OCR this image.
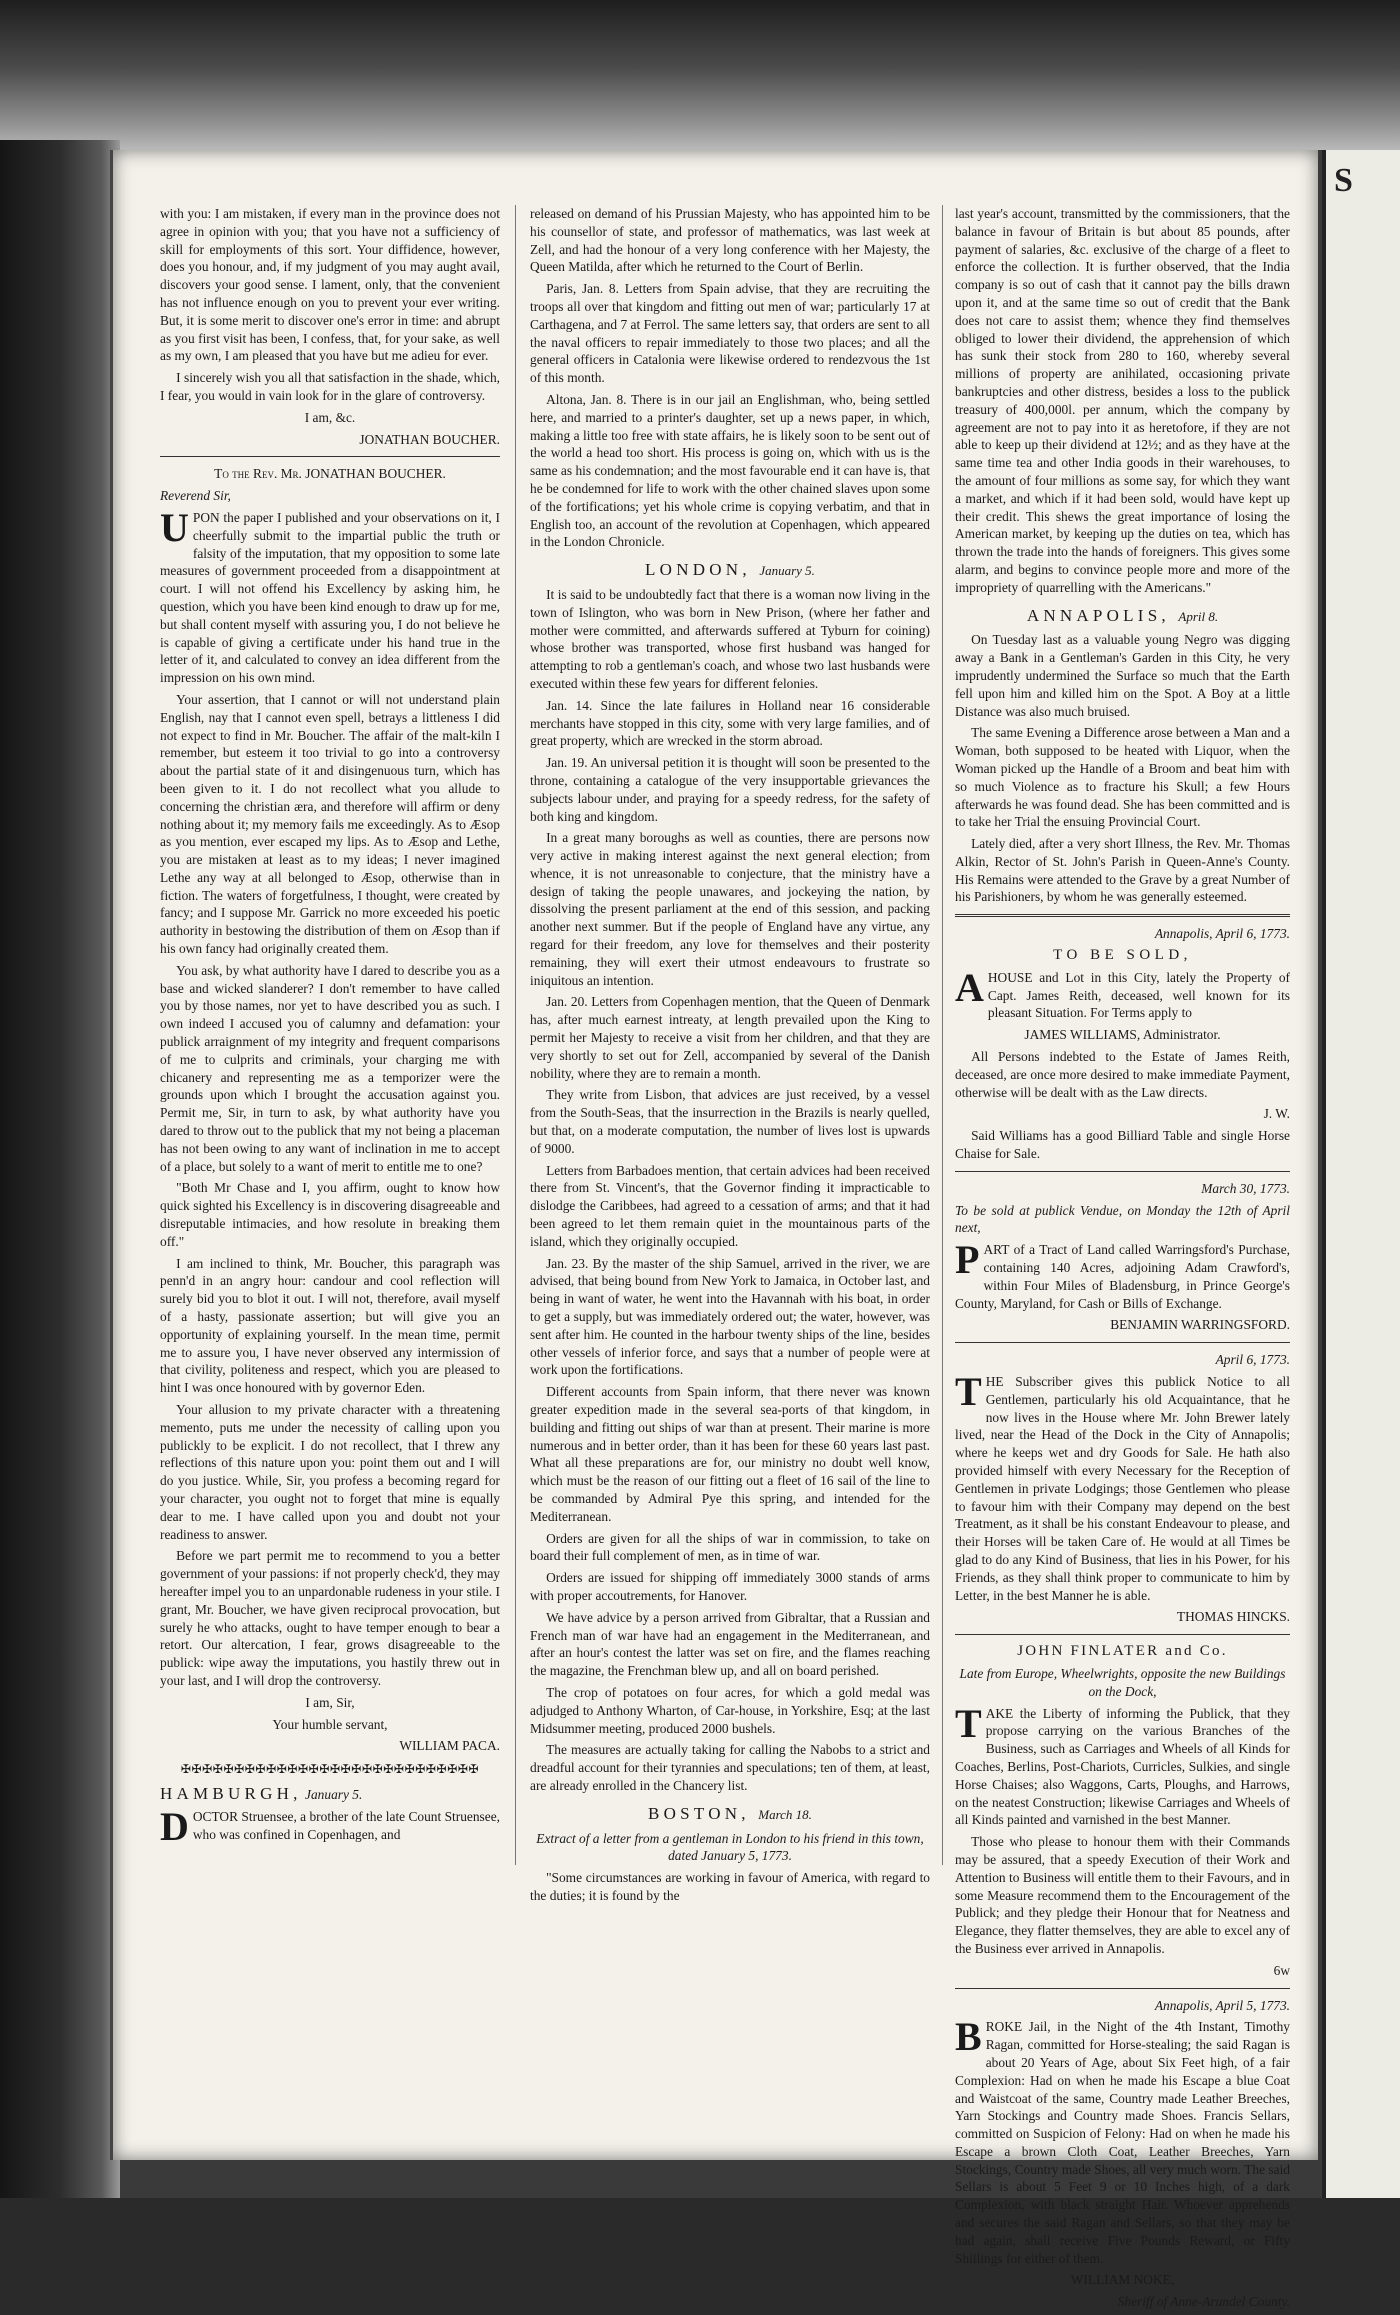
S

with you: I am mistaken, if every man in the province does not agree in opinion with you; that you have not a sufficiency of skill for employments of this sort. Your diffidence, however, does you honour, and, if my judgment of you may aught avail, discovers your good sense. I lament, only, that the convenient has not influence enough on you to prevent your ever writing. But, it is some merit to discover one's error in time: and abrupt as you first visit has been, I confess, that, for your sake, as well as my own, I am pleased that you have but me adieu for ever.

I sincerely wish you all that satisfaction in the shade, which, I fear, you would in vain look for in the glare of controversy.

I am, &c.

JONATHAN BOUCHER.

To the Rev. Mr. JONATHAN BOUCHER.

Reverend Sir,

UPON the paper I published and your observations on it, I cheerfully submit to the impartial public the truth or falsity of the imputation, that my opposition to some late measures of government proceeded from a disappointment at court. I will not offend his Excellency by asking him, he question, which you have been kind enough to draw up for me, but shall content myself with assuring you, I do not believe he is capable of giving a certificate under his hand true in the letter of it, and calculated to convey an idea different from the impression on his own mind.

Your assertion, that I cannot or will not understand plain English, nay that I cannot even spell, betrays a littleness I did not expect to find in Mr. Boucher. The affair of the malt-kiln I remember, but esteem it too trivial to go into a controversy about the partial state of it and disingenuous turn, which has been given to it. I do not recollect what you allude to concerning the christian æra, and therefore will affirm or deny nothing about it; my memory fails me exceedingly. As to Æsop as you mention, ever escaped my lips. As to Æsop and Lethe, you are mistaken at least as to my ideas; I never imagined Lethe any way at all belonged to Æsop, otherwise than in fiction. The waters of forgetfulness, I thought, were created by fancy; and I suppose Mr. Garrick no more exceeded his poetic authority in bestowing the distribution of them on Æsop than if his own fancy had originally created them.

You ask, by what authority have I dared to describe you as a base and wicked slanderer? I don't remember to have called you by those names, nor yet to have described you as such. I own indeed I accused you of calumny and defamation: your publick arraignment of my integrity and frequent comparisons of me to culprits and criminals, your charging me with chicanery and representing me as a temporizer were the grounds upon which I brought the accusation against you. Permit me, Sir, in turn to ask, by what authority have you dared to throw out to the publick that my not being a placeman has not been owing to any want of inclination in me to accept of a place, but solely to a want of merit to entitle me to one?

"Both Mr Chase and I, you affirm, ought to know how quick sighted his Excellency is in discovering disagreeable and disreputable intimacies, and how resolute in breaking them off."

I am inclined to think, Mr. Boucher, this paragraph was penn'd in an angry hour: candour and cool reflection will surely bid you to blot it out. I will not, therefore, avail myself of a hasty, passionate assertion; but will give you an opportunity of explaining yourself. In the mean time, permit me to assure you, I have never observed any intermission of that civility, politeness and respect, which you are pleased to hint I was once honoured with by governor Eden.

Your allusion to my private character with a threatening memento, puts me under the necessity of calling upon you publickly to be explicit. I do not recollect, that I threw any reflections of this nature upon you: point them out and I will do you justice. While, Sir, you profess a becoming regard for your character, you ought not to forget that mine is equally dear to me. I have called upon you and doubt not your readiness to answer.

Before we part permit me to recommend to you a better government of your passions: if not properly check'd, they may hereafter impel you to an unpardonable rudeness in your stile. I grant, Mr. Boucher, we have given reciprocal provocation, but surely he who attacks, ought to have temper enough to bear a retort. Our altercation, I fear, grows disagreeable to the publick: wipe away the imputations, you hastily threw out in your last, and I will drop the controversy.

I am, Sir,

Your humble servant,

WILLIAM PACA.

✠✠✠✠✠✠✠✠✠✠✠✠✠✠✠✠✠✠✠✠✠✠✠✠✠✠✠✠

HAMBURGH, January 5.

DOCTOR Struensee, a brother of the late Count Struensee, who was confined in Copenhagen, and

released on demand of his Prussian Majesty, who has appointed him to be his counsellor of state, and professor of mathematics, was last week at Zell, and had the honour of a very long conference with her Majesty, the Queen Matilda, after which he returned to the Court of Berlin.

Paris, Jan. 8. Letters from Spain advise, that they are recruiting the troops all over that kingdom and fitting out men of war; particularly 17 at Carthagena, and 7 at Ferrol. The same letters say, that orders are sent to all the naval officers to repair immediately to those two places; and all the general officers in Catalonia were likewise ordered to rendezvous the 1st of this month.

Altona, Jan. 8. There is in our jail an Englishman, who, being settled here, and married to a printer's daughter, set up a news paper, in which, making a little too free with state affairs, he is likely soon to be sent out of the world a head too short. His process is going on, which with us is the same as his condemnation; and the most favourable end it can have is, that he be condemned for life to work with the other chained slaves upon some of the fortifications; yet his whole crime is copying verbatim, and that in English too, an account of the revolution at Copenhagen, which appeared in the London Chronicle.

LONDON, January 5.

It is said to be undoubtedly fact that there is a woman now living in the town of Islington, who was born in New Prison, (where her father and mother were committed, and afterwards suffered at Tyburn for coining) whose brother was transported, whose first husband was hanged for attempting to rob a gentleman's coach, and whose two last husbands were executed within these few years for different felonies.

Jan. 14. Since the late failures in Holland near 16 considerable merchants have stopped in this city, some with very large families, and of great property, which are wrecked in the storm abroad.

Jan. 19. An universal petition it is thought will soon be presented to the throne, containing a catalogue of the very insupportable grievances the subjects labour under, and praying for a speedy redress, for the safety of both king and kingdom.

In a great many boroughs as well as counties, there are persons now very active in making interest against the next general election; from whence, it is not unreasonable to conjecture, that the ministry have a design of taking the people unawares, and jockeying the nation, by dissolving the present parliament at the end of this session, and packing another next summer. But if the people of England have any virtue, any regard for their freedom, any love for themselves and their posterity remaining, they will exert their utmost endeavours to frustrate so iniquitous an intention.

Jan. 20. Letters from Copenhagen mention, that the Queen of Denmark has, after much earnest intreaty, at length prevailed upon the King to permit her Majesty to receive a visit from her children, and that they are very shortly to set out for Zell, accompanied by several of the Danish nobility, where they are to remain a month.

They write from Lisbon, that advices are just received, by a vessel from the South-Seas, that the insurrection in the Brazils is nearly quelled, but that, on a moderate computation, the number of lives lost is upwards of 9000.

Letters from Barbadoes mention, that certain advices had been received there from St. Vincent's, that the Governor finding it impracticable to dislodge the Caribbees, had agreed to a cessation of arms; and that it had been agreed to let them remain quiet in the mountainous parts of the island, which they originally occupied.

Jan. 23. By the master of the ship Samuel, arrived in the river, we are advised, that being bound from New York to Jamaica, in October last, and being in want of water, he went into the Havannah with his boat, in order to get a supply, but was immediately ordered out; the water, however, was sent after him. He counted in the harbour twenty ships of the line, besides other vessels of inferior force, and says that a number of people were at work upon the fortifications.

Different accounts from Spain inform, that there never was known greater expedition made in the several sea-ports of that kingdom, in building and fitting out ships of war than at present. Their marine is more numerous and in better order, than it has been for these 60 years last past. What all these preparations are for, our ministry no doubt well know, which must be the reason of our fitting out a fleet of 16 sail of the line to be commanded by Admiral Pye this spring, and intended for the Mediterranean.

Orders are given for all the ships of war in commission, to take on board their full complement of men, as in time of war.

Orders are issued for shipping off immediately 3000 stands of arms with proper accoutrements, for Hanover.

We have advice by a person arrived from Gibraltar, that a Russian and French man of war have had an engagement in the Mediterranean, and after an hour's contest the latter was set on fire, and the flames reaching the magazine, the Frenchman blew up, and all on board perished.

The crop of potatoes on four acres, for which a gold medal was adjudged to Anthony Wharton, of Car-house, in Yorkshire, Esq; at the last Midsummer meeting, produced 2000 bushels.

The measures are actually taking for calling the Nabobs to a strict and dreadful account for their tyrannies and speculations; ten of them, at least, are already enrolled in the Chancery list.

BOSTON, March 18.

Extract of a letter from a gentleman in London to his friend in this town, dated January 5, 1773.

"Some circumstances are working in favour of America, with regard to the duties; it is found by the

last year's account, transmitted by the commissioners, that the balance in favour of Britain is but about 85 pounds, after payment of salaries, &c. exclusive of the charge of a fleet to enforce the collection. It is further observed, that the India company is so out of cash that it cannot pay the bills drawn upon it, and at the same time so out of credit that the Bank does not care to assist them; whence they find themselves obliged to lower their dividend, the apprehension of which has sunk their stock from 280 to 160, whereby several millions of property are anihilated, occasioning private bankruptcies and other distress, besides a loss to the publick treasury of 400,000l. per annum, which the company by agreement are not to pay into it as heretofore, if they are not able to keep up their dividend at 12½; and as they have at the same time tea and other India goods in their warehouses, to the amount of four millions as some say, for which they want a market, and which if it had been sold, would have kept up their credit. This shews the great importance of losing the American market, by keeping up the duties on tea, which has thrown the trade into the hands of foreigners. This gives some alarm, and begins to convince people more and more of the impropriety of quarrelling with the Americans."

ANNAPOLIS, April 8.

On Tuesday last as a valuable young Negro was digging away a Bank in a Gentleman's Garden in this City, he very imprudently undermined the Surface so much that the Earth fell upon him and killed him on the Spot. A Boy at a little Distance was also much bruised.

The same Evening a Difference arose between a Man and a Woman, both supposed to be heated with Liquor, when the Woman picked up the Handle of a Broom and beat him with so much Violence as to fracture his Skull; a few Hours afterwards he was found dead. She has been committed and is to take her Trial the ensuing Provincial Court.

Lately died, after a very short Illness, the Rev. Mr. Thomas Alkin, Rector of St. John's Parish in Queen-Anne's County. His Remains were attended to the Grave by a great Number of his Parishioners, by whom he was generally esteemed.

Annapolis, April 6, 1773.

TO BE SOLD,

AHOUSE and Lot in this City, lately the Property of Capt. James Reith, deceased, well known for its pleasant Situation. For Terms apply to

JAMES WILLIAMS, Administrator.

All Persons indebted to the Estate of James Reith, deceased, are once more desired to make immediate Payment, otherwise will be dealt with as the Law directs.

J. W.

Said Williams has a good Billiard Table and single Horse Chaise for Sale.

March 30, 1773.

To be sold at publick Vendue, on Monday the 12th of April next,

PART of a Tract of Land called Warringsford's Purchase, containing 140 Acres, adjoining Adam Crawford's, within Four Miles of Bladensburg, in Prince George's County, Maryland, for Cash or Bills of Exchange.

BENJAMIN WARRINGSFORD.

April 6, 1773.

THE Subscriber gives this publick Notice to all Gentlemen, particularly his old Acquaintance, that he now lives in the House where Mr. John Brewer lately lived, near the Head of the Dock in the City of Annapolis; where he keeps wet and dry Goods for Sale. He hath also provided himself with every Necessary for the Reception of Gentlemen in private Lodgings; those Gentlemen who please to favour him with their Company may depend on the best Treatment, as it shall be his constant Endeavour to please, and their Horses will be taken Care of. He would at all Times be glad to do any Kind of Business, that lies in his Power, for his Friends, as they shall think proper to communicate to him by Letter, in the best Manner he is able.

THOMAS HINCKS.

JOHN FINLATER and Co.

Late from Europe, Wheelwrights, opposite the new Buildings on the Dock,

TAKE the Liberty of informing the Publick, that they propose carrying on the various Branches of the Business, such as Carriages and Wheels of all Kinds for Coaches, Berlins, Post-Chariots, Curricles, Sulkies, and single Horse Chaises; also Waggons, Carts, Ploughs, and Harrows, on the neatest Construction; likewise Carriages and Wheels of all Kinds painted and varnished in the best Manner.

Those who please to honour them with their Commands may be assured, that a speedy Execution of their Work and Attention to Business will entitle them to their Favours, and in some Measure recommend them to the Encouragement of the Publick; and they pledge their Honour that for Neatness and Elegance, they flatter themselves, they are able to excel any of the Business ever arrived in Annapolis.

6w

Annapolis, April 5, 1773.

BROKE Jail, in the Night of the 4th Instant, Timothy Ragan, committed for Horse-stealing; the said Ragan is about 20 Years of Age, about Six Feet high, of a fair Complexion: Had on when he made his Escape a blue Coat and Waistcoat of the same, Country made Leather Breeches, Yarn Stockings and Country made Shoes. Francis Sellars, committed on Suspicion of Felony: Had on when he made his Escape a brown Cloth Coat, Leather Breeches, Yarn Stockings, Country made Shoes, all very much worn. The said Sellars is about 5 Feet 9 or 10 Inches high, of a dark Complexion, with black straight Hair. Whoever apprehends and secures the said Ragan and Sellars, so that they may be had again, shall receive Five Pounds Reward, or Fifty Shillings for either of them.

WILLIAM NOKE,

Sheriff of Anne-Arundel County.
